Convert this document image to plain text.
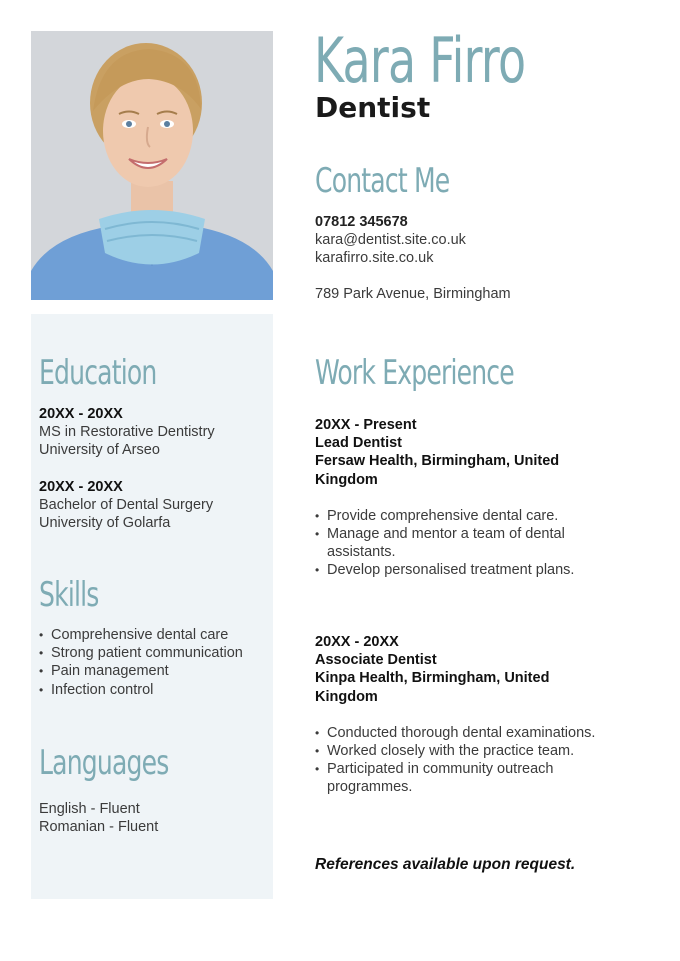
Kara Firro
Dentist
Contact Me
07812 345678
kara@dentist.site.co.uk
karafirro.site.co.uk
789 Park Avenue, Birmingham
Education
20XX - 20XX
MS in Restorative Dentistry
University of Arseo
20XX - 20XX
Bachelor of Dental Surgery
University of Golarfa
Skills
• Comprehensive dental care
• Strong patient communication
• Pain management
• Infection control
Languages
English - Fluent
Romanian - Fluent
Work Experience
20XX - Present
Lead Dentist
Fersaw Health, Birmingham, United
Kingdom
• Provide comprehensive dental care.
• Manage and mentor a team of dental assistants.
• Develop personalised treatment plans.
20XX - 20XX
Associate Dentist
Kinpa Health, Birmingham, United
Kingdom
• Conducted thorough dental examinations.
• Worked closely with the practice team.
• Participated in community outreach programmes.
References available upon request.
